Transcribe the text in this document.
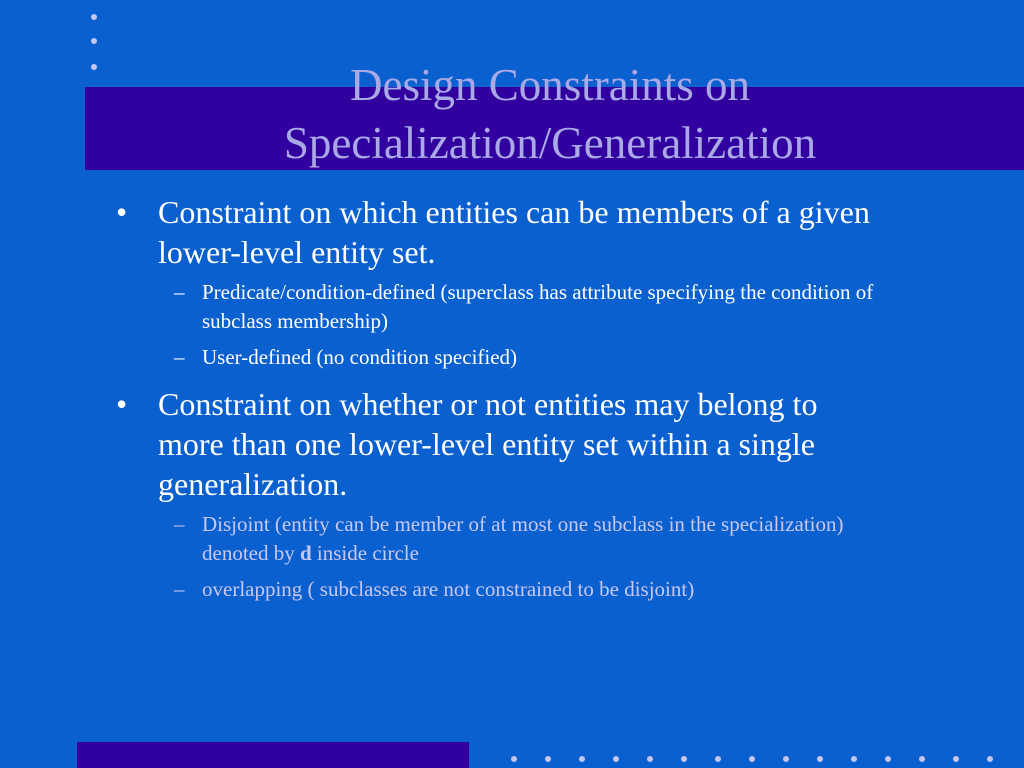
Design Constraints on
Specialization/Generalization
• Constraint on which entities can be members of a given lower-level entity set.
– Predicate/condition-defined (superclass has attribute specifying the condition of subclass membership)
– User-defined (no condition specified)
• Constraint on whether or not entities may belong to more than one lower-level entity set within a single generalization.
– Disjoint (entity can be member of at most one subclass in the specialization) denoted by d inside circle
– overlapping ( subclasses are not constrained to be disjoint)
